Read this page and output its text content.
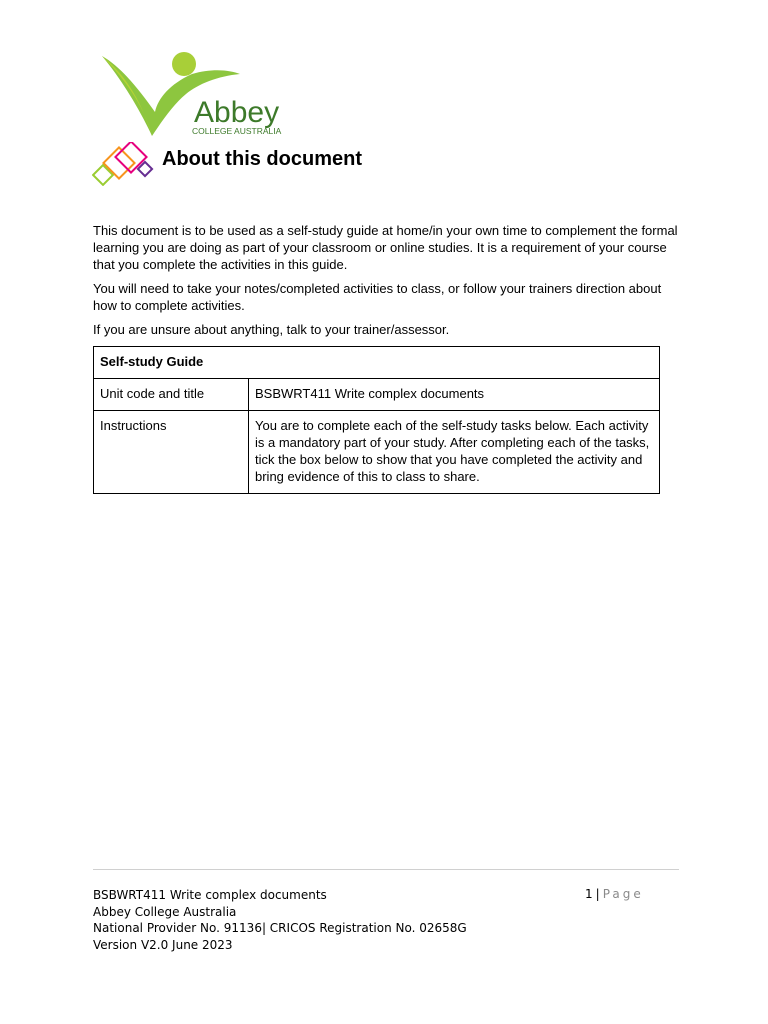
Abbey
COLLEGE AUSTRALIA
About this document

This document is to be used as a self-study guide at home/in your own time to complement the formal learning you are doing as part of your classroom or online studies. It is a requirement of your course that you complete the activities in this guide.

You will need to take your notes/completed activities to class, or follow your trainers direction about how to complete activities.

If you are unsure about anything, talk to your trainer/assessor.

Self-study Guide	
Unit code and title	BSBWRT411 Write complex documents
Instructions	You are to complete each of the self-study tasks below. Each activity is a mandatory part of your study. After completing each of the tasks, tick the box below to show that you have completed the activity and bring evidence of this to class to share.
BSBWRT411 Write complex documents
Abbey College Australia
National Provider No. 91136| CRICOS Registration No. 02658G
Version V2.0 June 2023
1 | Page
